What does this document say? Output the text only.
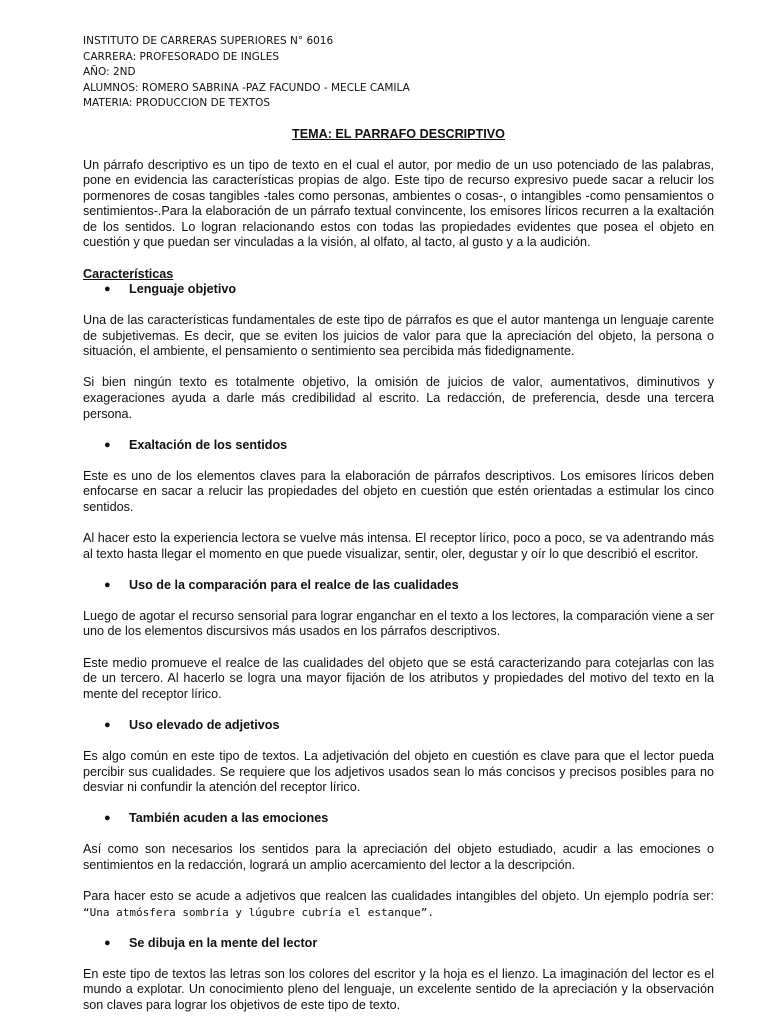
INSTITUTO DE CARRERAS SUPERIORES N° 6016
CARRERA: PROFESORADO DE INGLES
AÑO: 2ND
ALUMNOS: ROMERO SABRINA -PAZ FACUNDO - MECLE CAMILA
MATERIA: PRODUCCION DE TEXTOS
TEMA: EL PARRAFO DESCRIPTIVO

Un párrafo descriptivo es un tipo de texto en el cual el autor, por medio de un uso potenciado de las palabras, pone en evidencia las características propias de algo. Este tipo de recurso expresivo puede sacar a relucir los pormenores de cosas tangibles -tales como personas, ambientes o cosas-, o intangibles -como pensamientos o sentimientos-.Para la elaboración de un párrafo textual convincente, los emisores líricos recurren a la exaltación de los sentidos. Lo logran relacionando estos con todas las propiedades evidentes que posea el objeto en cuestión y que puedan ser vinculadas a la visión, al olfato, al tacto, al gusto y a la audición.

Características
● Lenguaje objetivo

Una de las características fundamentales de este tipo de párrafos es que el autor mantenga un lenguaje carente de subjetivemas. Es decir, que se eviten los juicios de valor para que la apreciación del objeto, la persona o situación, el ambiente, el pensamiento o sentimiento sea percibida más fidedignamente.

Si bien ningún texto es totalmente objetivo, la omisión de juicios de valor, aumentativos, diminutivos y exageraciones ayuda a darle más credibilidad al escrito. La redacción, de preferencia, desde una tercera persona.

● Exaltación de los sentidos

Este es uno de los elementos claves para la elaboración de párrafos descriptivos. Los emisores líricos deben enfocarse en sacar a relucir las propiedades del objeto en cuestión que estén orientadas a estimular los cinco sentidos.

Al hacer esto la experiencia lectora se vuelve más intensa. El receptor lírico, poco a poco, se va adentrando más al texto hasta llegar el momento en que puede visualizar, sentir, oler, degustar y oír lo que describió el escritor.

● Uso de la comparación para el realce de las cualidades

Luego de agotar el recurso sensorial para lograr enganchar en el texto a los lectores, la comparación viene a ser uno de los elementos discursivos más usados en los párrafos descriptivos.

Este medio promueve el realce de las cualidades del objeto que se está caracterizando para cotejarlas con las de un tercero. Al hacerlo se logra una mayor fijación de los atributos y propiedades del motivo del texto en la mente del receptor lírico.

● Uso elevado de adjetivos

Es algo común en este tipo de textos. La adjetivación del objeto en cuestión es clave para que el lector pueda percibir sus cualidades. Se requiere que los adjetivos usados sean lo más concisos y precisos posibles para no desviar ni confundir la atención del receptor lírico.

● También acuden a las emociones

Así como son necesarios los sentidos para la apreciación del objeto estudiado, acudir a las emociones o sentimientos en la redacción, logrará un amplio acercamiento del lector a la descripción.

Para hacer esto se acude a adjetivos que realcen las cualidades intangibles del objeto. Un ejemplo podría ser: “Una atmósfera sombría y lúgubre cubría el estanque”.

● Se dibuja en la mente del lector

En este tipo de textos las letras son los colores del escritor y la hoja es el lienzo. La imaginación del lector es el mundo a explotar. Un conocimiento pleno del lenguaje, un excelente sentido de la apreciación y la observación son claves para lograr los objetivos de este tipo de texto.
